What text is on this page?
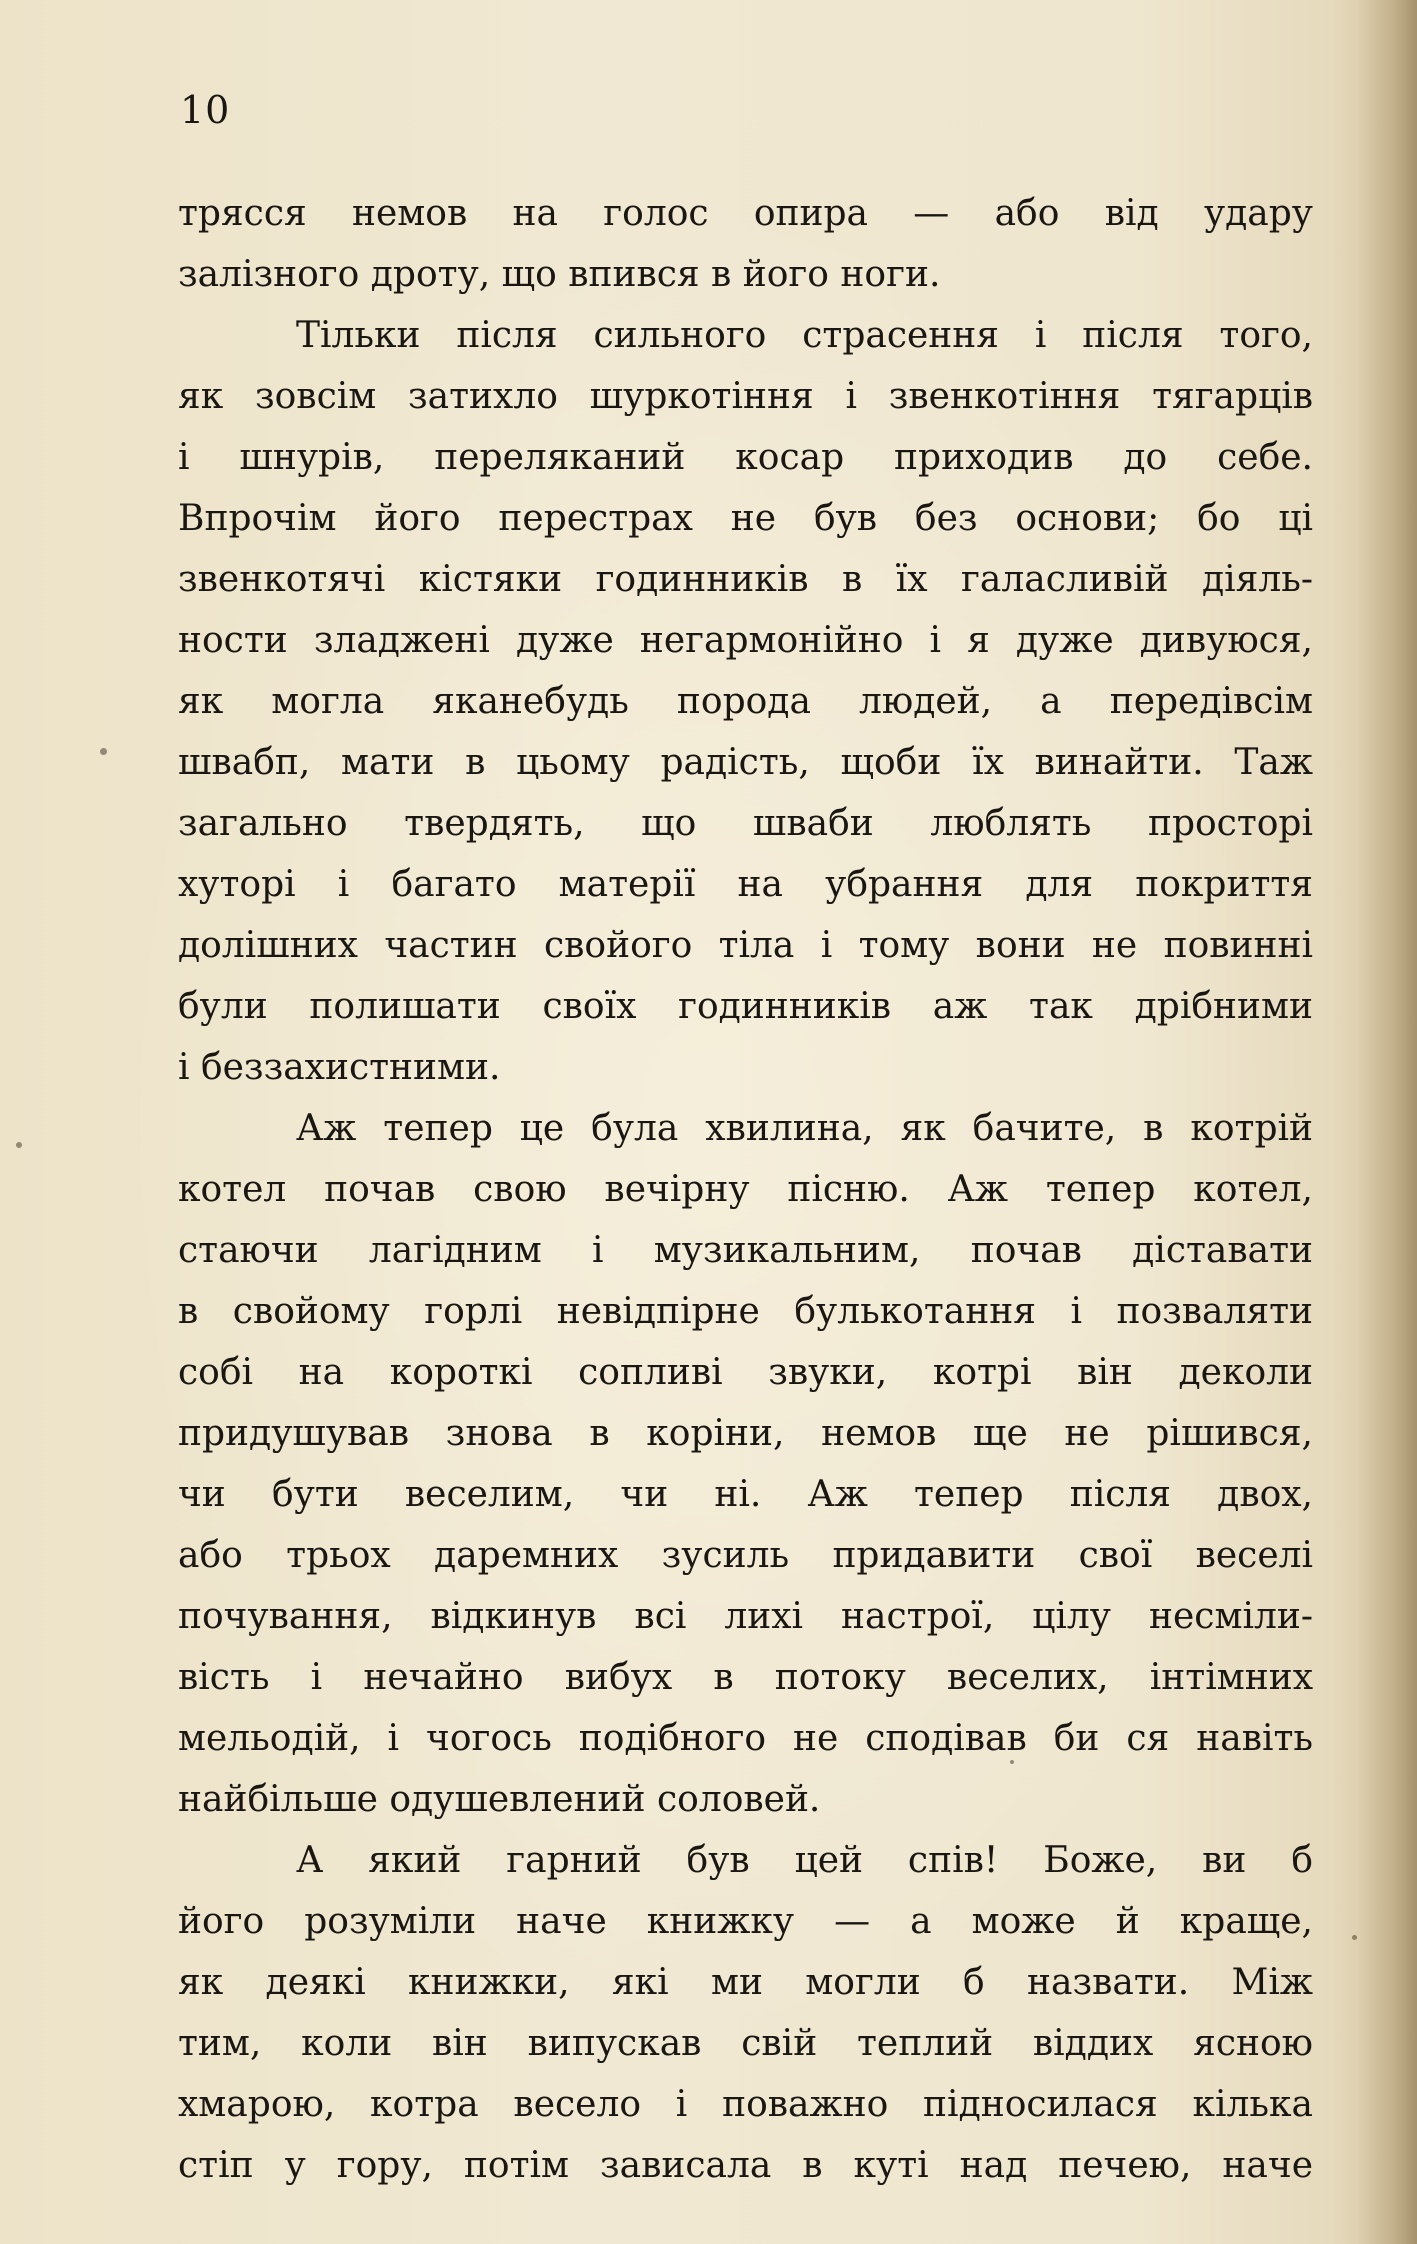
10
трясся немов на голос опира — або від удару
залізного дроту, що впився в його ноги.
Тільки після сильного страсення і після того,
як зовсім затихло шуркотіння і звенкотіння тягарців
і шнурів, переляканий косар приходив до себе.
Впрочім його перестрах не був без основи; бо ці
звенкотячі кістяки годинників в їх галасливій діяль-
ности зладжені дуже негармонійно і я дуже дивуюся,
як могла яканебудь порода людей, а передівсім
швабп, мати в цьому радість, щоби їх винайти. Таж
загально твердять, що шваби люблять просторі
хуторі і багато матерії на убрання для покриття
долішних частин свойого тіла і тому вони не повинні
були полишати своїх годинників аж так дрібними
і беззахистними.
Аж тепер це була хвилина, як бачите, в котрій
котел почав свою вечірну пісню. Аж тепер котел,
стаючи лагідним і музикальним, почав діставати
в свойому горлі невідпірне булькотання і позваляти
собі на короткі сопливі звуки, котрі він деколи
придушував знова в коріни, немов ще не рішився,
чи бути веселим, чи ні. Аж тепер після двох,
або трьох даремних зусиль придавити свої веселі
почування, відкинув всі лихі настрої, цілу несміли-
вість і нечайно вибух в потоку веселих, інтімних
мельодій, і чогось подібного не сподівав би ся навіть
найбільше одушевлений соловей.
А який гарний був цей спів! Боже, ви б
його розуміли наче книжку — а може й краще,
як деякі книжки, які ми могли б назвати. Між
тим, коли він випускав свій теплий віддих ясною
хмарою, котра весело і поважно підносилася кілька
стіп у гору, потім зависала в куті над печею, наче
